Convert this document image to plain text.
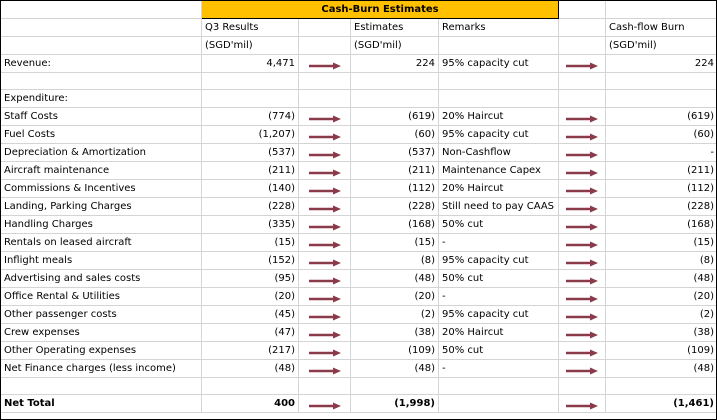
	Cash-Burn Estimates					
	Q3 Results		Estimates	Remarks		Cash-flow Burn
	(SGD'mil)		(SGD'mil)			(SGD'mil)
Revenue:	4,471		224	95% capacity cut		224

Expenditure:						
Staff Costs	(774)		(619)	20% Haircut		(619)
Fuel Costs	(1,207)		(60)	95% capacity cut		(60)
Depreciation & Amortization	(537)		(537)	Non-Cashflow		-
Aircraft maintenance	(211)		(211)	Maintenance Capex		(211)
Commissions & Incentives	(140)		(112)	20% Haircut		(112)
Landing, Parking Charges	(228)		(228)	Still need to pay CAAS		(228)
Handling Charges	(335)		(168)	50% cut		(168)
Rentals on leased aircraft	(15)		(15)	-		(15)
Inflight meals	(152)		(8)	95% capacity cut		(8)
Advertising and sales costs	(95)		(48)	50% cut		(48)
Office Rental & Utilities	(20)		(20)	-		(20)
Other passenger costs	(45)		(2)	95% capacity cut		(2)
Crew expenses	(47)		(38)	20% Haircut		(38)
Other Operating expenses	(217)		(109)	50% cut		(109)
Net Finance charges (less income)	(48)		(48)	-		(48)

Net Total	400		(1,998)			(1,461)
